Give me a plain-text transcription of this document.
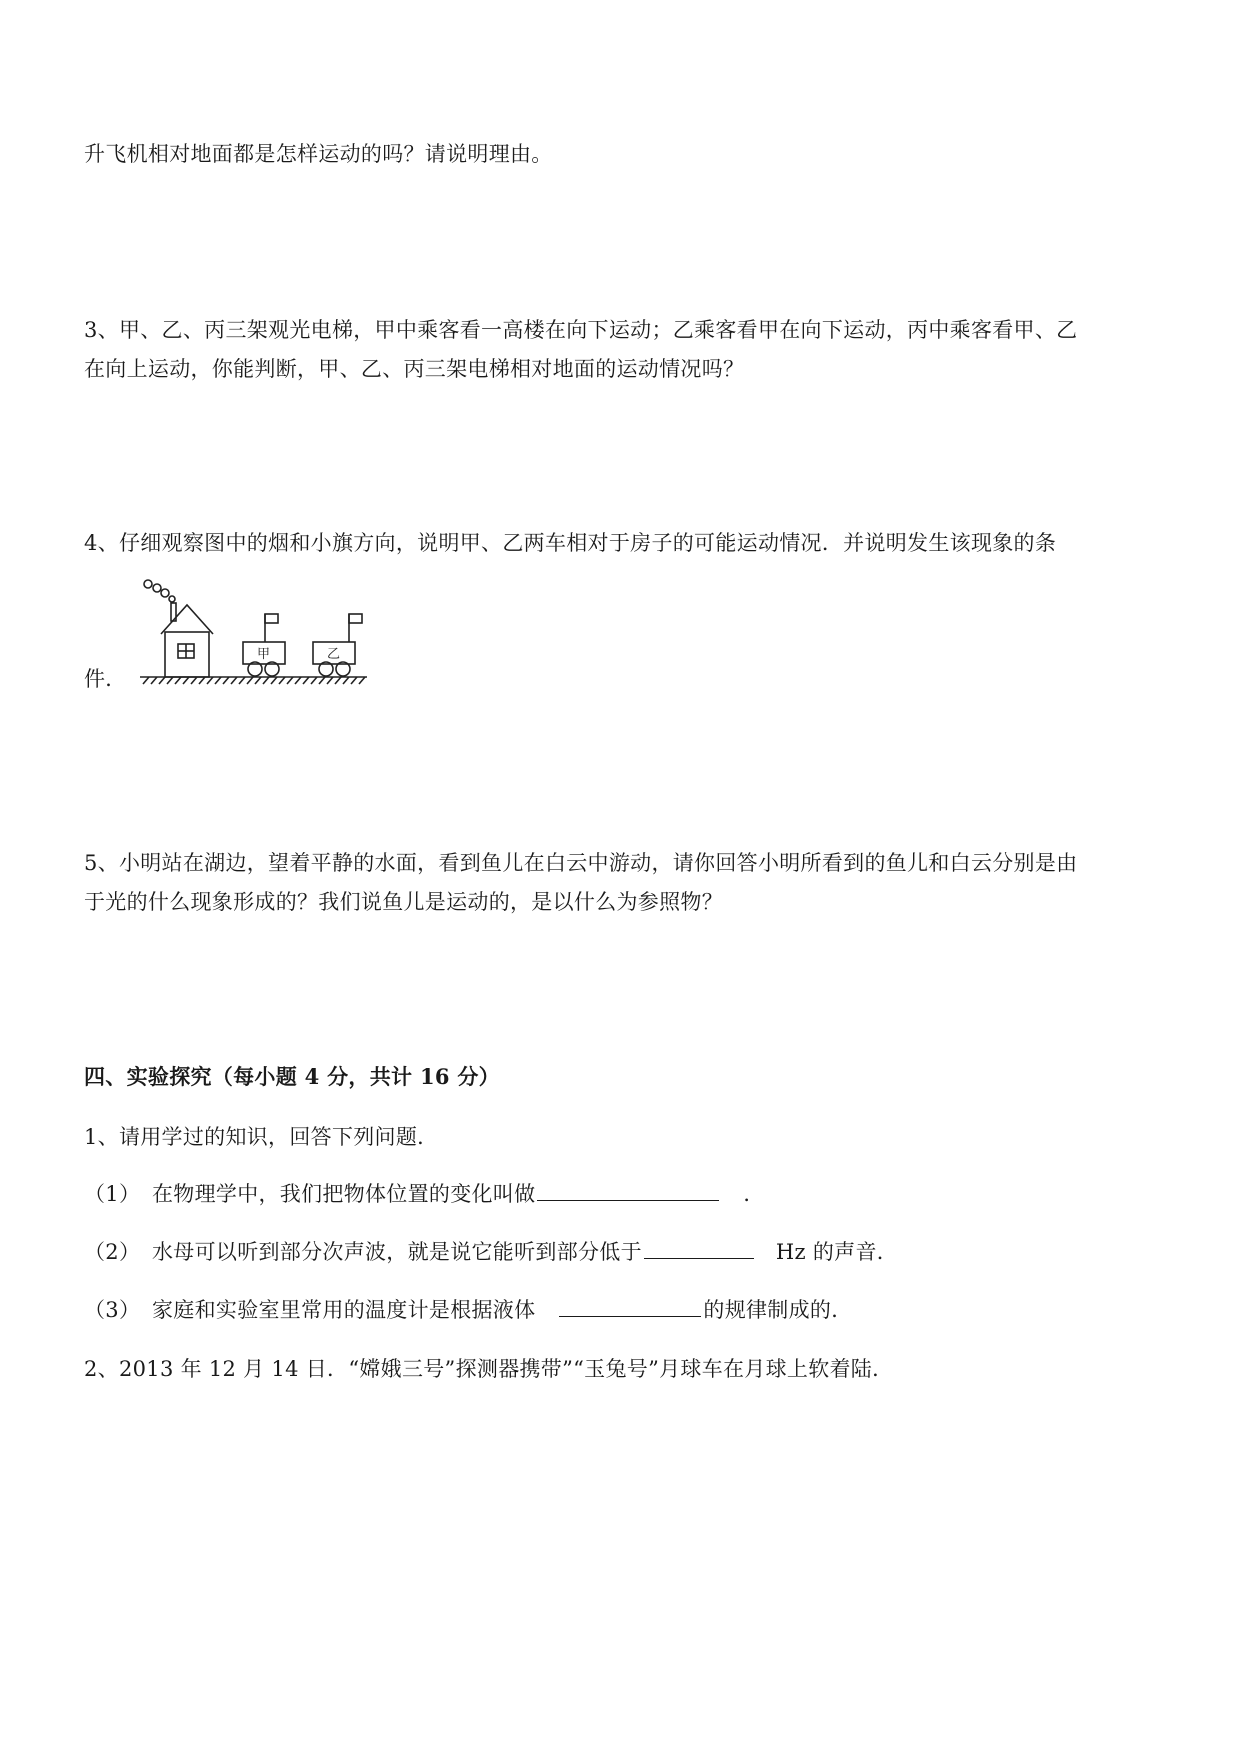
升飞机相对地面都是怎样运动的吗？请说明理由。
3、甲、乙、丙三架观光电梯，甲中乘客看一高楼在向下运动；乙乘客看甲在向下运动，丙中乘客看甲、乙
在向上运动，你能判断，甲、乙、丙三架电梯相对地面的运动情况吗？
4、仔细观察图中的烟和小旗方向，说明甲、乙两车相对于房子的可能运动情况．并说明发生该现象的条
件．
甲	乙
5、小明站在湖边，望着平静的水面，看到鱼儿在白云中游动，请你回答小明所看到的鱼儿和白云分别是由
于光的什么现象形成的？我们说鱼儿是运动的，是以什么为参照物？
四、实验探究（每小题 4 分，共计 16 分）
1、请用学过的知识，回答下列问题．
（1） 在物理学中，我们把物体位置的变化叫做	．
（2） 水母可以听到部分次声波，就是说它能听到部分低于	Hz 的声音．
（3） 家庭和实验室里常用的温度计是根据液体	的规律制成的．
2、2013 年 12 月 14 日．“嫦娥三号”探测器携带”“玉兔号”月球车在月球上软着陆．
